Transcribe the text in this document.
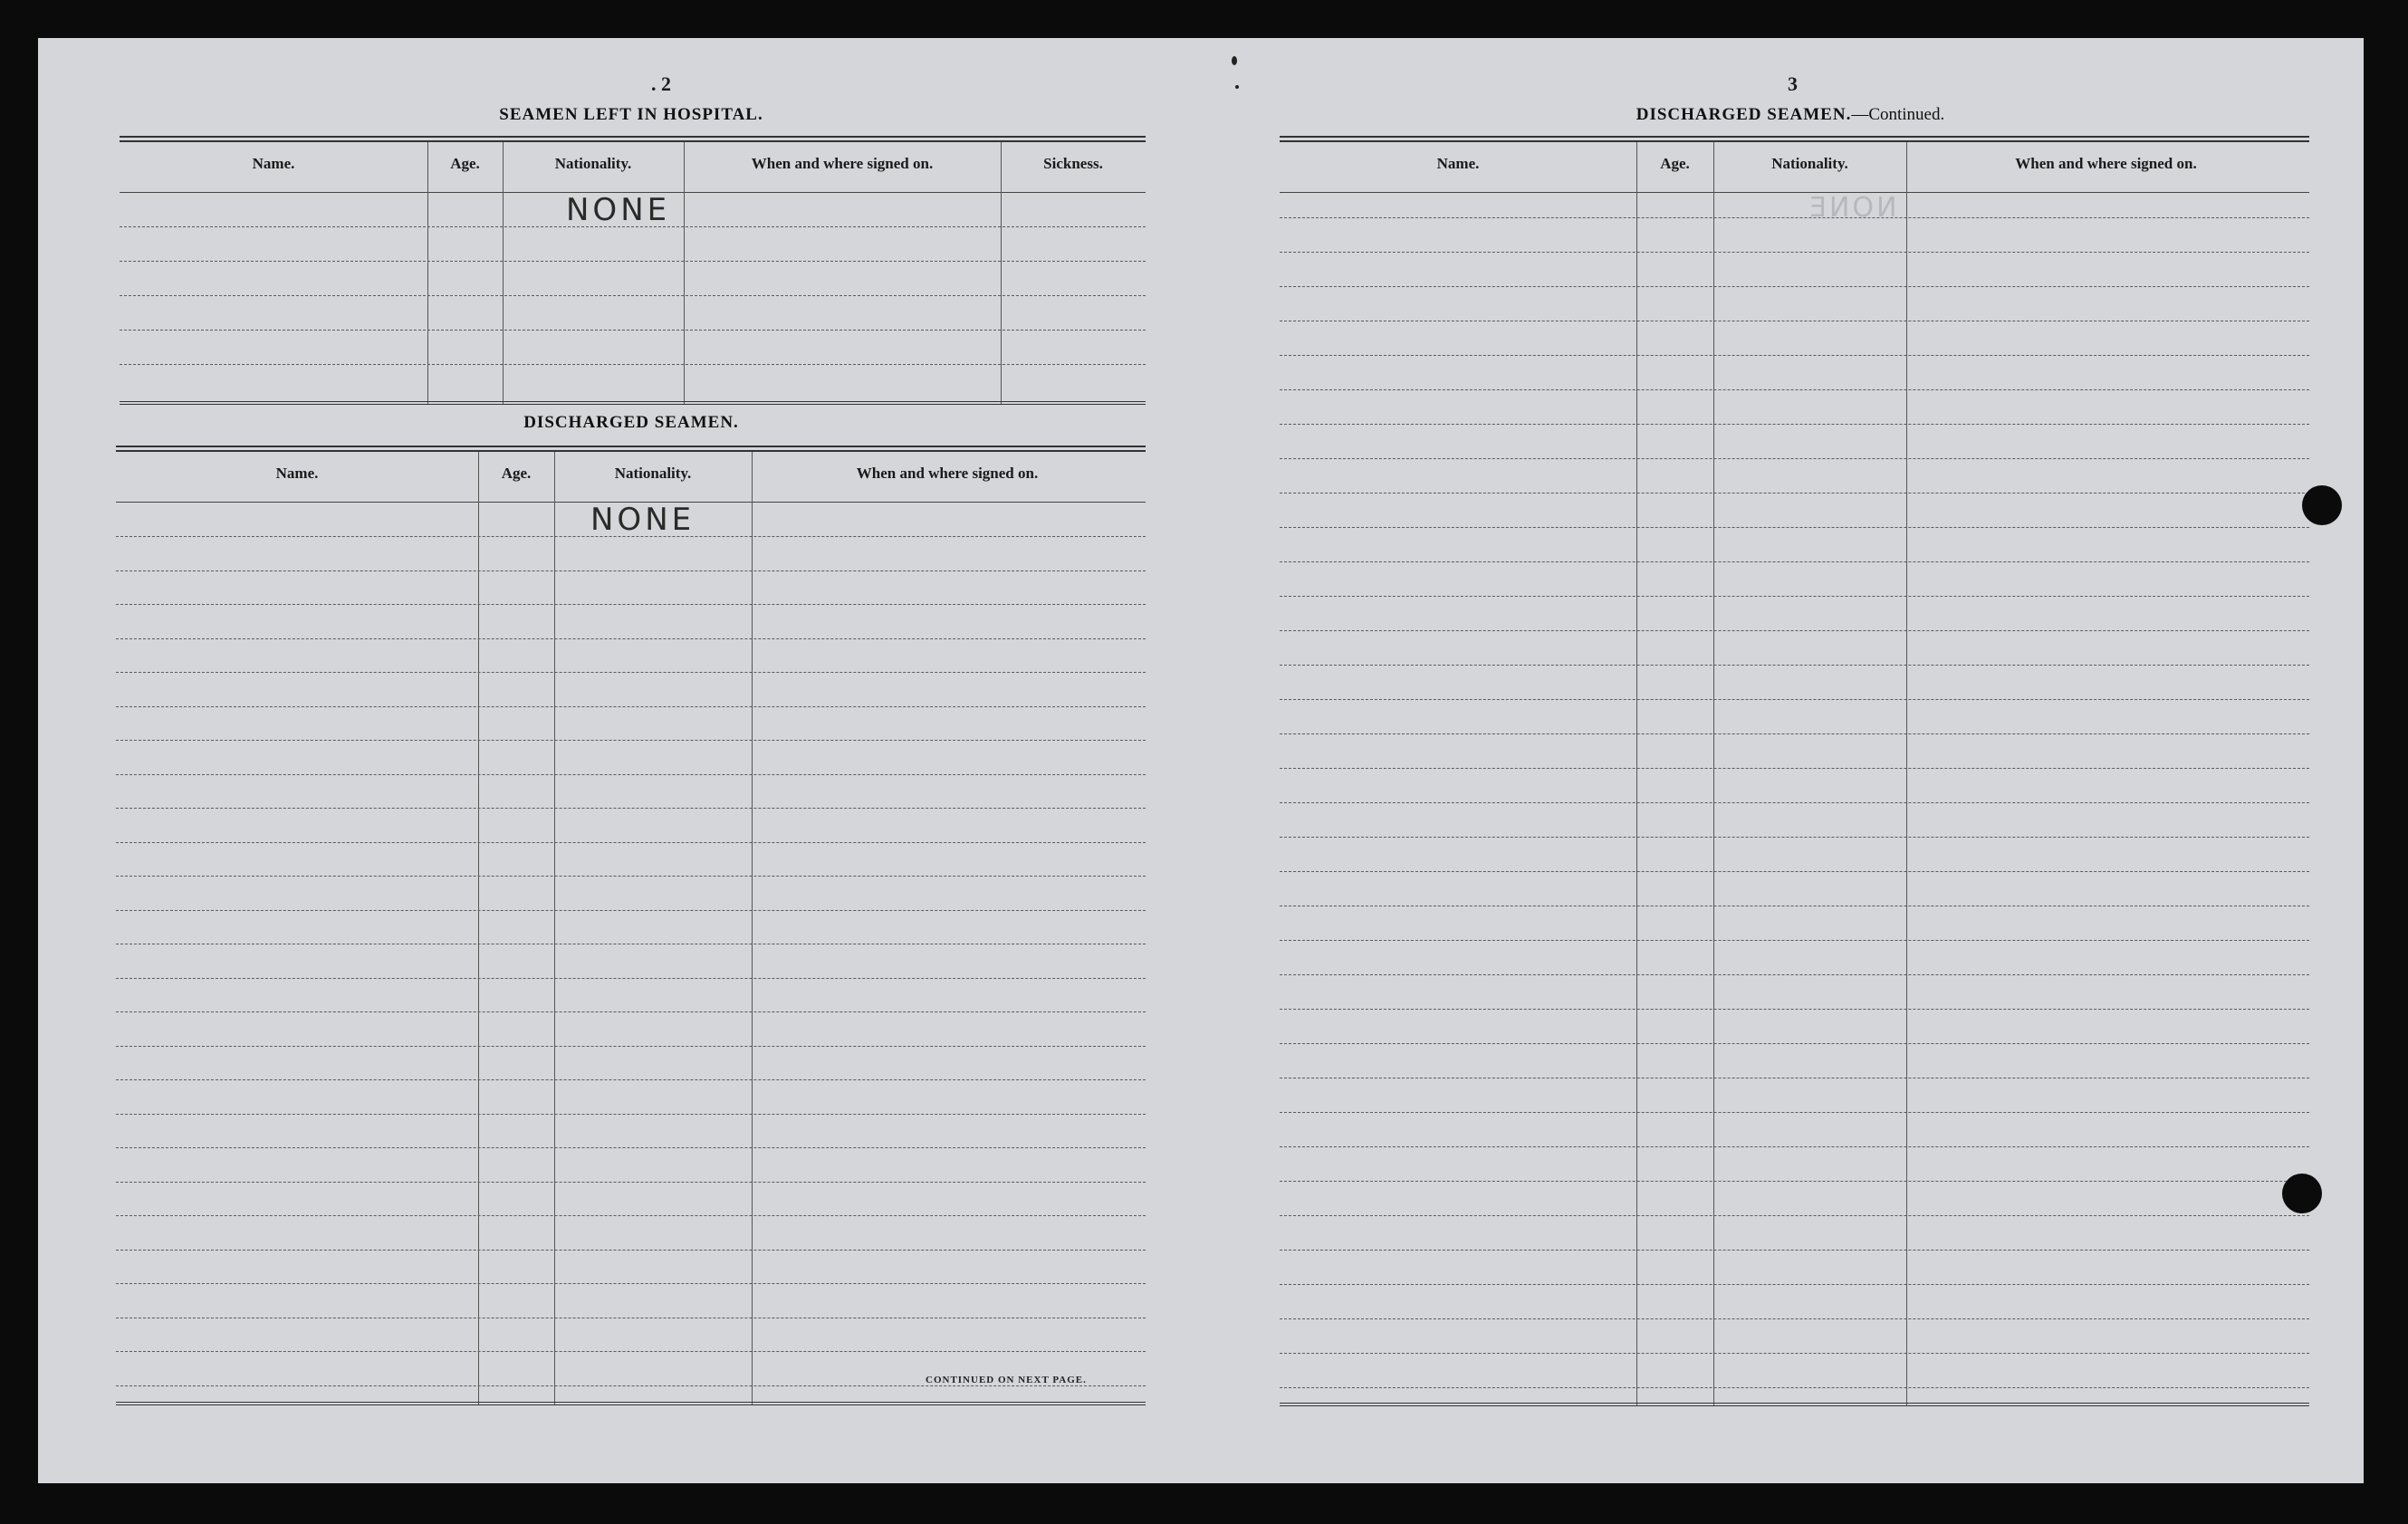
. 2
SEAMEN LEFT IN HOSPITAL.
Name.	Age.	Nationality.	When and where signed on.	Sickness.
NONE
DISCHARGED SEAMEN.
Name.	Age.	Nationality.	When and where signed on.
NONE
CONTINUED ON NEXT PAGE.
3
DISCHARGED SEAMEN.—Continued.
Name.	Age.	Nationality.	When and where signed on.
NONE
